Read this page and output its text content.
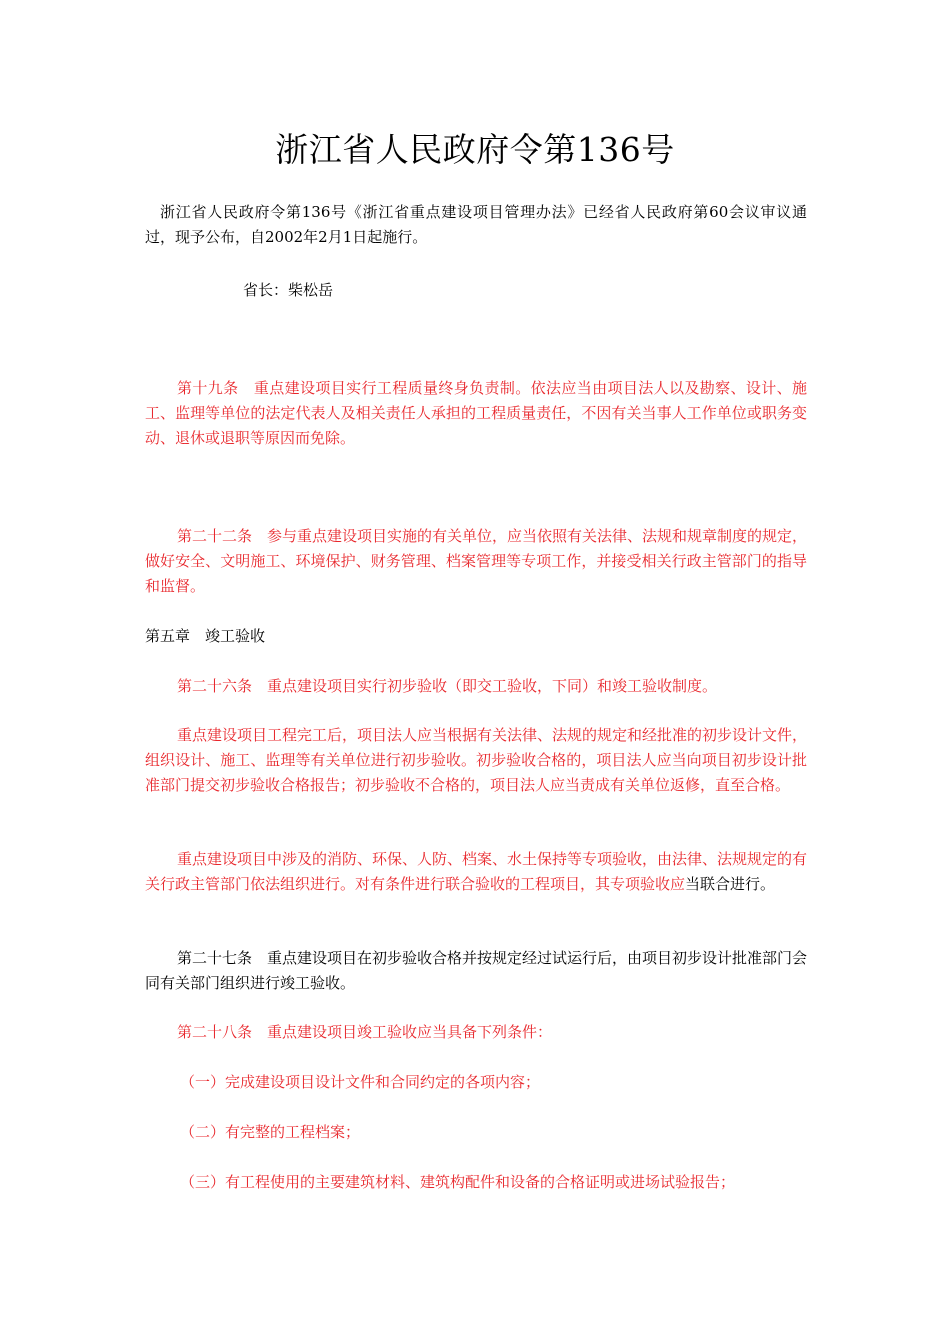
浙江省人民政府令第136号
浙江省人民政府令第136号《浙江省重点建设项目管理办法》已经省人民政府第60会议审议通过，现予公布，自2002年2月1日起施行。
省长：柴松岳
第十九条　重点建设项目实行工程质量终身负责制。依法应当由项目法人以及勘察、设计、施工、监理等单位的法定代表人及相关责任人承担的工程质量责任，不因有关当事人工作单位或职务变动、退休或退职等原因而免除。
第二十二条　参与重点建设项目实施的有关单位，应当依照有关法律、法规和规章制度的规定，做好安全、文明施工、环境保护、财务管理、档案管理等专项工作，并接受相关行政主管部门的指导和监督。
第五章　竣工验收
第二十六条　重点建设项目实行初步验收（即交工验收，下同）和竣工验收制度。
重点建设项目工程完工后，项目法人应当根据有关法律、法规的规定和经批准的初步设计文件，组织设计、施工、监理等有关单位进行初步验收。初步验收合格的，项目法人应当向项目初步设计批准部门提交初步验收合格报告；初步验收不合格的，项目法人应当责成有关单位返修，直至合格。
重点建设项目中涉及的消防、环保、人防、档案、水土保持等专项验收，由法律、法规规定的有关行政主管部门依法组织进行。对有条件进行联合验收的工程项目，其专项验收应当联合进行。
第二十七条　重点建设项目在初步验收合格并按规定经过试运行后，由项目初步设计批准部门会同有关部门组织进行竣工验收。
第二十八条　重点建设项目竣工验收应当具备下列条件：
（一）完成建设项目设计文件和合同约定的各项内容；
（二）有完整的工程档案；
（三）有工程使用的主要建筑材料、建筑构配件和设备的合格证明或进场试验报告；
